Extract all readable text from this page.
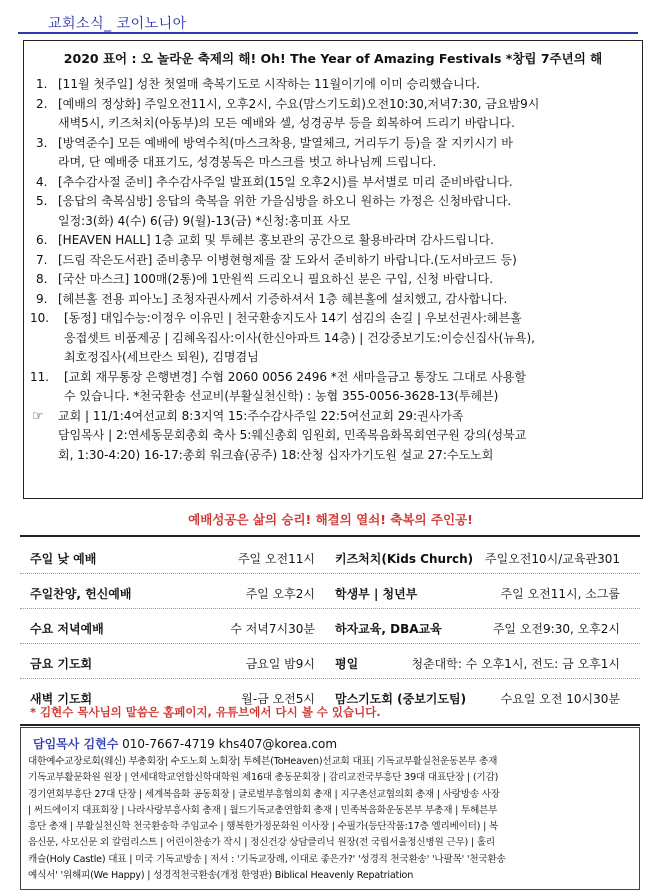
교회소식_ 코이노니아
2020 표어 : 오 놀라운 축제의 해! Oh! The Year of Amazing Festivals *창립 7주년의 해
1. [11월 첫주일] 성찬 첫열매 축복기도로 시작하는 11월이기에 이미 승리했습니다.
2. [예배의 정상화] 주일오전11시, 오후2시, 수요(맘스기도회)오전10:30,저녁7:30, 금요밤9시
새벽5시, 키즈처치(아동부)의 모든 예배와 셀, 성경공부 등을 회복하여 드리기 바랍니다.
3. [방역준수] 모든 예배에 방역수칙(마스크착용, 발열체크, 거리두기 등)을 잘 지키시기 바
라며, 단 예배중 대표기도, 성경봉독은 마스크를 벗고 하나님께 드립니다.
4. [추수감사절 준비] 추수감사주일 발표회(15일 오후2시)를 부서별로 미리 준비바랍니다.
5. [응답의 축복심방] 응답의 축복을 위한 가을심방을 하오니 원하는 가정은 신청바랍니다.
일정:3(화) 4(수) 6(금) 9(월)-13(금) *신청:홍미표 사모
6. [HEAVEN HALL] 1층 교회 및 투헤븐 홍보관의 공간으로 활용바라며 감사드립니다.
7. [드림 작은도서관] 준비총무 이병현형제를 잘 도와서 준비하기 바랍니다.(도서바코드 등)
8. [국산 마스크] 100매(2통)에 1만원씩 드리오니 필요하신 분은 구입, 신청 바랍니다.
9. [헤븐홀 전용 피아노] 조청자권사께서 기증하셔서 1층 헤븐홀에 설치했고, 감사합니다.
10. [동정] 대입수능:이정우 이유민 | 천국환송지도사 14기 섬김의 손길 | 우보선권사:헤븐홀
응접셋트 비품제공 | 김혜옥집사:이사(한신아파트 14층) | 건강중보기도:이승신집사(뉴욕),
최호정집사(세브란스 퇴원), 김명겸님
11. [교회 재무통장 은행변경] 수협 2060 0056 2496 *전 새마을금고 통장도 그대로 사용할
수 있습니다. *천국환송 선교비(부활실천신학) : 농협 355-0056-3628-13(투헤븐)
☞ 교회 | 11/1:4여선교회 8:3지역 15:주수감사주일 22:5여선교회 29:권사가족
담임목사 | 2:연세동문회총회 축사 5:웨신총회 임원회, 민족복음화목회연구원 강의(성북교
회, 1:30-4:20) 16-17:총회 워크숍(공주) 18:산청 십자가기도원 설교 27:수도노회
예배성공은 삶의 승리! 해결의 열쇠! 축복의 주인공!
주일 낮 예배	주일 오전11시 키즈처치(Kids Church) 주일오전10시/교육관301
주일찬양, 헌신예배	주일 오후2시 학생부 | 청년부	주일 오전11시, 소그룹
수요 저녁예배	수 저녁7시30분 하자교육, DBA교육	주일 오전9:30, 오후2시
금요 기도회	금요일 밤9시 평일	청춘대학: 수 오후1시, 전도: 금 오후1시
새벽 기도회	월-금 오전5시 맘스기도회 (중보기도팀)	수요일 오전 10시30분
* 김현수 목사님의 말씀은 홈페이지, 유튜브에서 다시 볼 수 있습니다.
담임목사 김현수 010-7667-4719 khs407@korea.com
대한예수교장로회(웨신) 부총회장| 수도노회 노회장| 투헤븐(ToHeaven)선교회 대표| 기독교부활실천운동본부 총재
기독교부활문화원 원장 | 연세대학교연합신학대학원 제16대 총동문회장 | 감리교전국부흥단 39대 대표단장 | (기감)
경기연회부흥단 27대 단장 | 세계복음화 공동회장 | 글로벌부흥협의회 총재 | 지구촌선교협의회 총재 | 사랑방송 사장
| 써드에이지 대표회장 | 나라사랑부흥사회 총재 | 월드기독교총연합회 총재 | 민족복음화운동본부 부총재 | 투헤븐부
흥단 총재 | 부활실천신학 천국환송학 주임교수 | 행복한가정문화원 이사장 | 수필가(등단작품:17층 엘리베이터) | 복
음신문, 사모신문 외 칼럼리스트 | 어린이찬송가 작시 | 정신건강 상담클리닉 원장(전 국립서울정신병원 근무) | 홀리
캐슬(Holy Castle) 대표 | 미국 기독교방송 | 저서 : '기독교장례, 이대로 좋은가?' '성경적 천국환송' '나팔목' '천국환송
예식서' '위해피(We Happy) | 성경적천국환송(개정 한영판) Biblical Heavenly Repatriation
